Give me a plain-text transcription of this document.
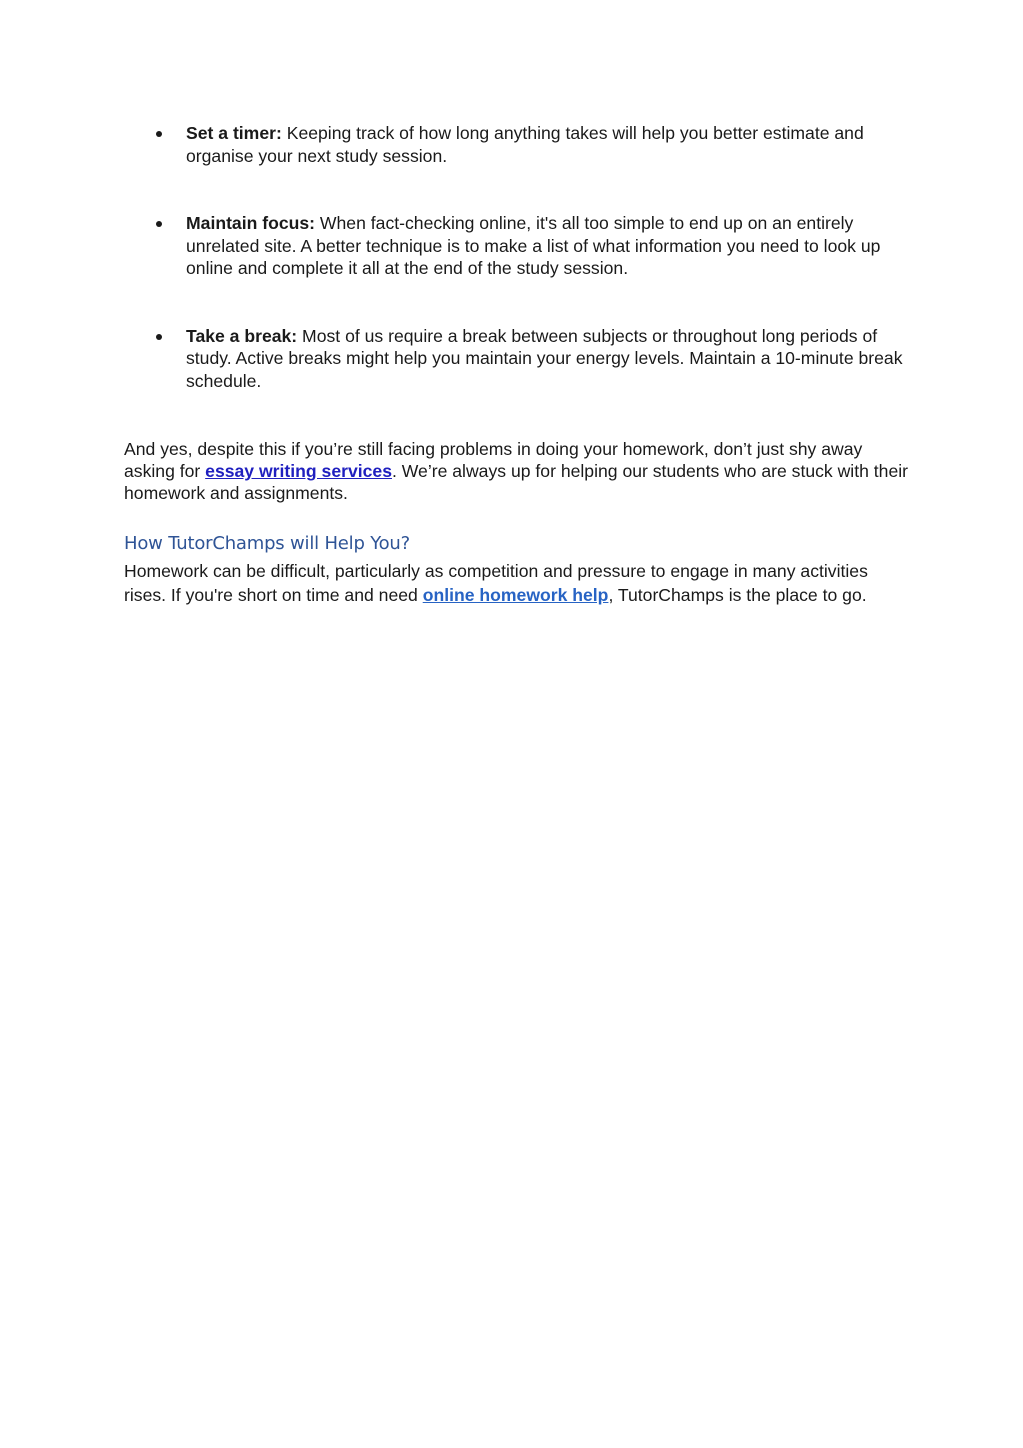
Set a timer: Keeping track of how long anything takes will help you better estimate and organise your next study session.
Maintain focus: When fact-checking online, it's all too simple to end up on an entirely unrelated site. A better technique is to make a list of what information you need to look up online and complete it all at the end of the study session.
Take a break: Most of us require a break between subjects or throughout long periods of study. Active breaks might help you maintain your energy levels. Maintain a 10-minute break schedule.

And yes, despite this if you’re still facing problems in doing your homework, don’t just shy away asking for essay writing services. We’re always up for helping our students who are stuck with their homework and assignments.

How TutorChamps will Help You?

Homework can be difficult, particularly as competition and pressure to engage in many activities rises. If you're short on time and need online homework help, TutorChamps is the place to go.
